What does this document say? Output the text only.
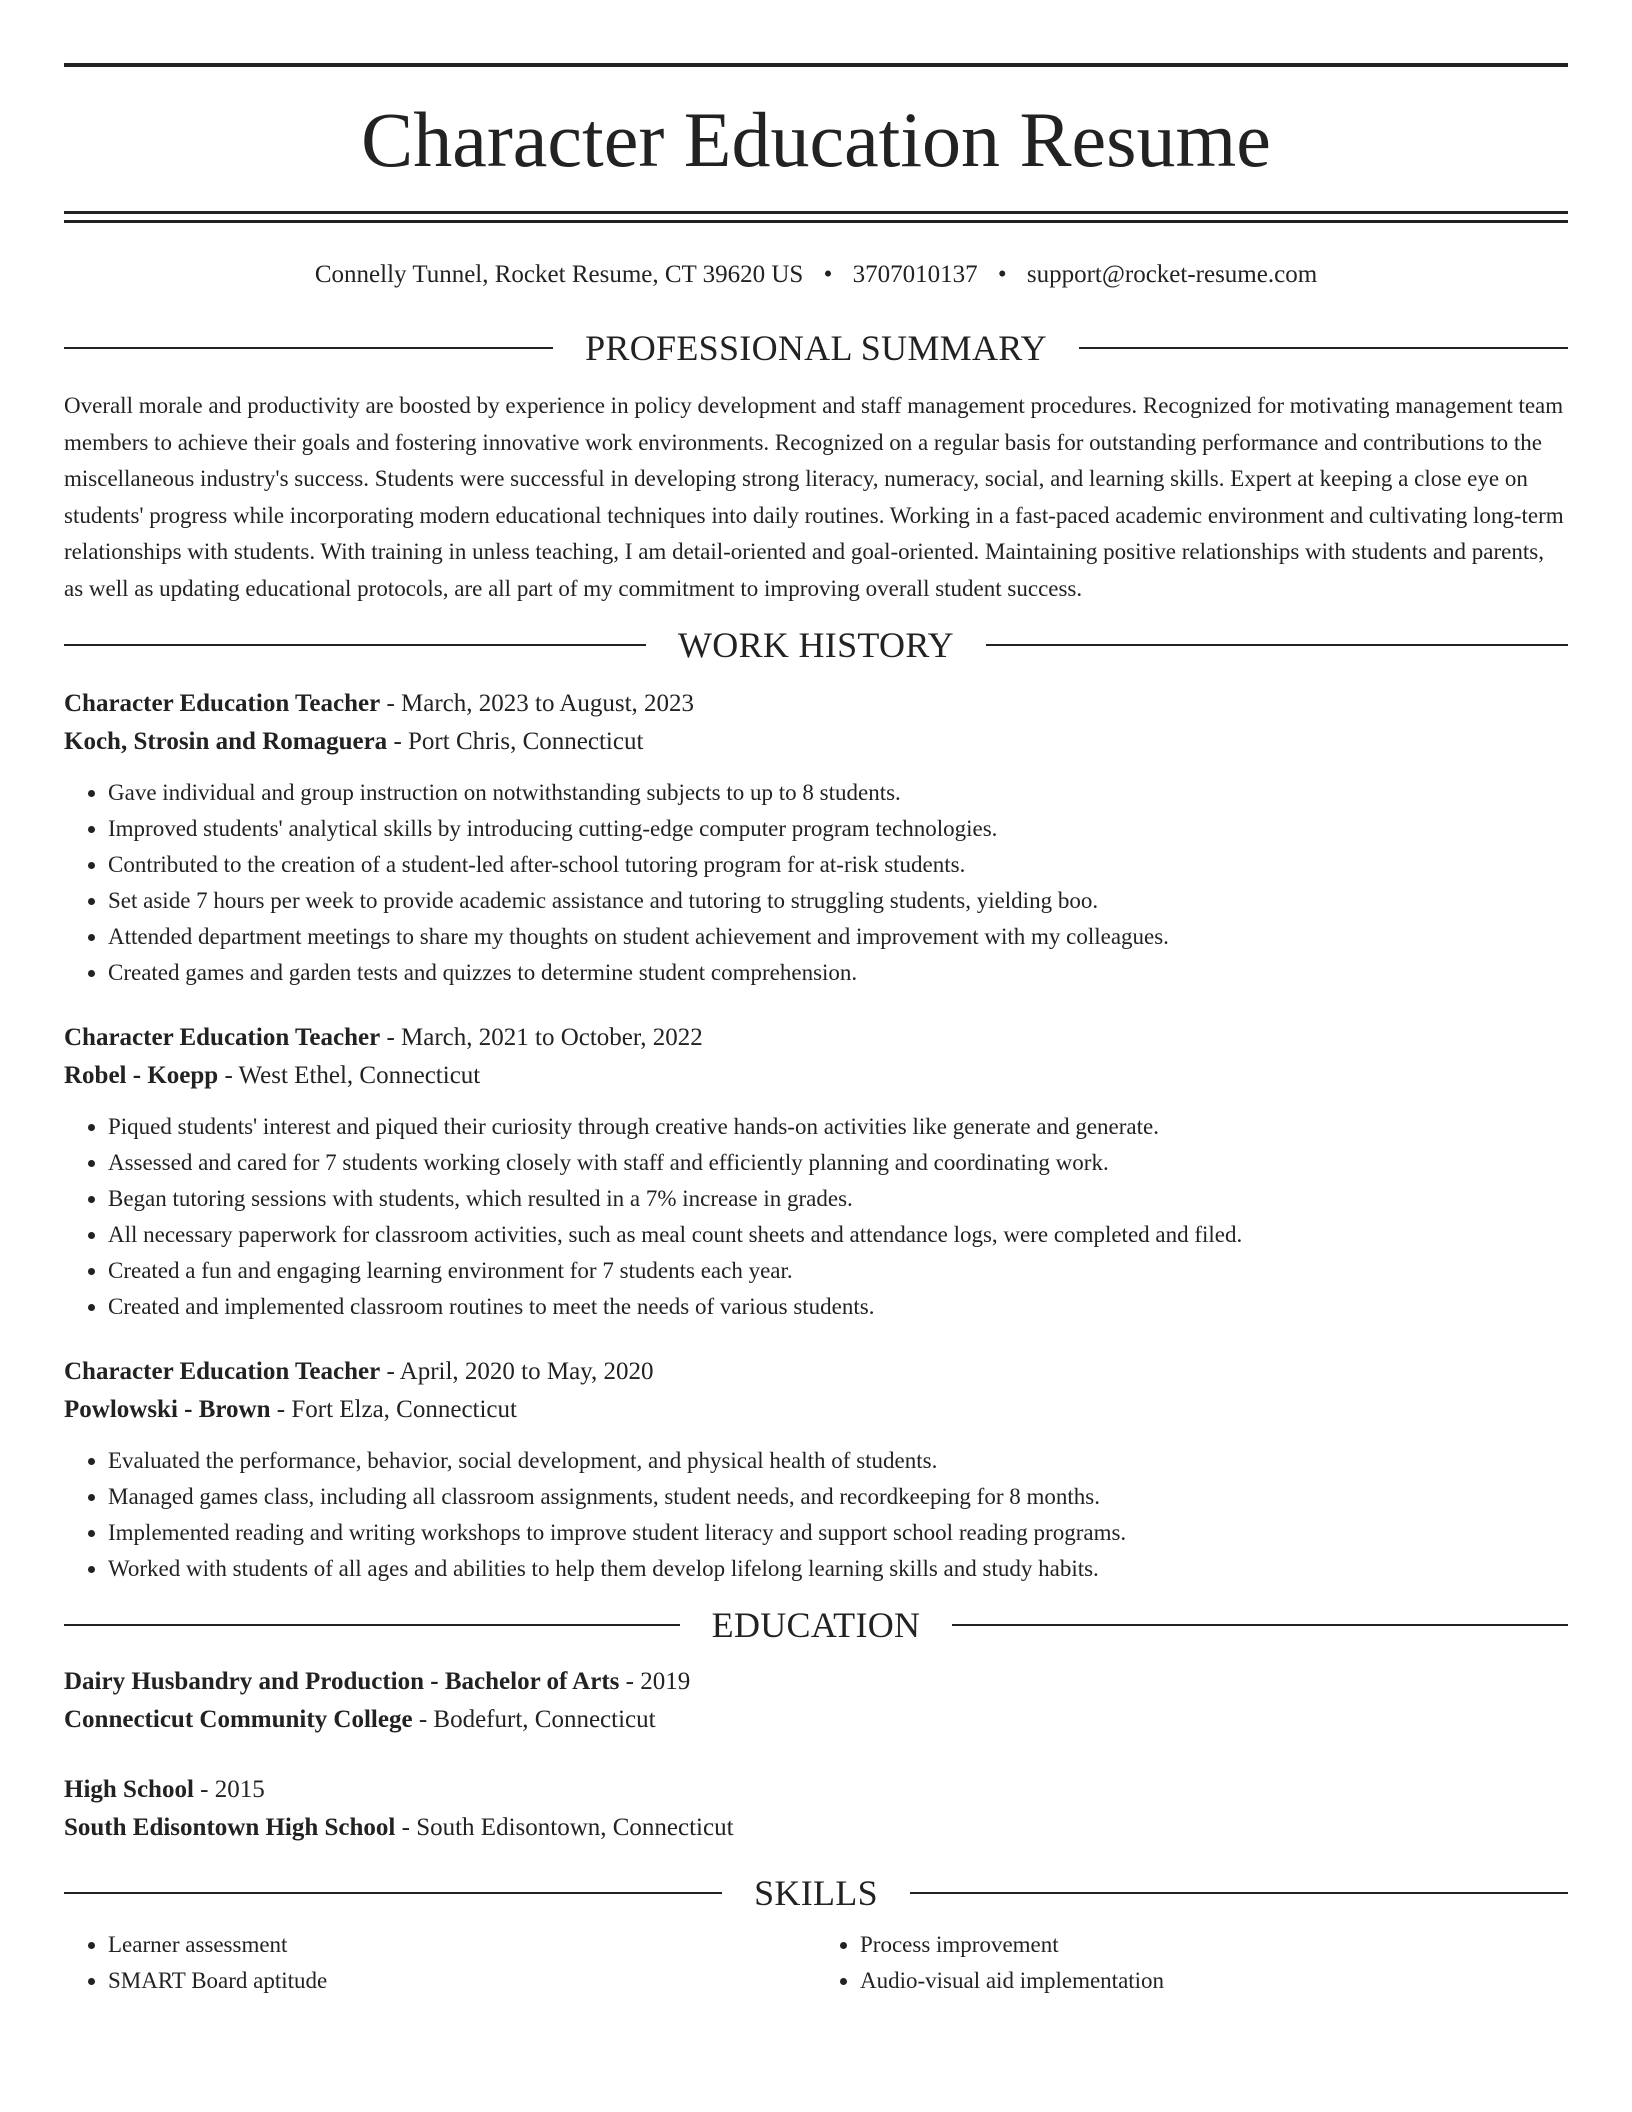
Character Education Resume
Connelly Tunnel, Rocket Resume, CT 39620 US • 3707010137 • support@rocket-resume.com
PROFESSIONAL SUMMARY

Overall morale and productivity are boosted by experience in policy development and staff management procedures. Recognized for motivating management team members to achieve their goals and fostering innovative work environments. Recognized on a regular basis for outstanding performance and contributions to the miscellaneous industry's success. Students were successful in developing strong literacy, numeracy, social, and learning skills. Expert at keeping a close eye on students' progress while incorporating modern educational techniques into daily routines. Working in a fast-paced academic environment and cultivating long-term relationships with students. With training in unless teaching, I am detail-oriented and goal-oriented. Maintaining positive relationships with students and parents, as well as updating educational protocols, are all part of my commitment to improving overall student success.

WORK HISTORY
Character Education Teacher - March, 2023 to August, 2023
Koch, Strosin and Romaguera - Port Chris, Connecticut
• Gave individual and group instruction on notwithstanding subjects to up to 8 students.
• Improved students' analytical skills by introducing cutting-edge computer program technologies.
• Contributed to the creation of a student-led after-school tutoring program for at-risk students.
• Set aside 7 hours per week to provide academic assistance and tutoring to struggling students, yielding boo.
• Attended department meetings to share my thoughts on student achievement and improvement with my colleagues.
• Created games and garden tests and quizzes to determine student comprehension.
Character Education Teacher - March, 2021 to October, 2022
Robel - Koepp - West Ethel, Connecticut
• Piqued students' interest and piqued their curiosity through creative hands-on activities like generate and generate.
• Assessed and cared for 7 students working closely with staff and efficiently planning and coordinating work.
• Began tutoring sessions with students, which resulted in a 7% increase in grades.
• All necessary paperwork for classroom activities, such as meal count sheets and attendance logs, were completed and filed.
• Created a fun and engaging learning environment for 7 students each year.
• Created and implemented classroom routines to meet the needs of various students.
Character Education Teacher - April, 2020 to May, 2020
Powlowski - Brown - Fort Elza, Connecticut
• Evaluated the performance, behavior, social development, and physical health of students.
• Managed games class, including all classroom assignments, student needs, and recordkeeping for 8 months.
• Implemented reading and writing workshops to improve student literacy and support school reading programs.
• Worked with students of all ages and abilities to help them develop lifelong learning skills and study habits.
EDUCATION
Dairy Husbandry and Production - Bachelor of Arts - 2019
Connecticut Community College - Bodefurt, Connecticut
High School - 2015
South Edisontown High School - South Edisontown, Connecticut
SKILLS
• Learner assessment
• SMART Board aptitude
• Process improvement
• Audio-visual aid implementation
